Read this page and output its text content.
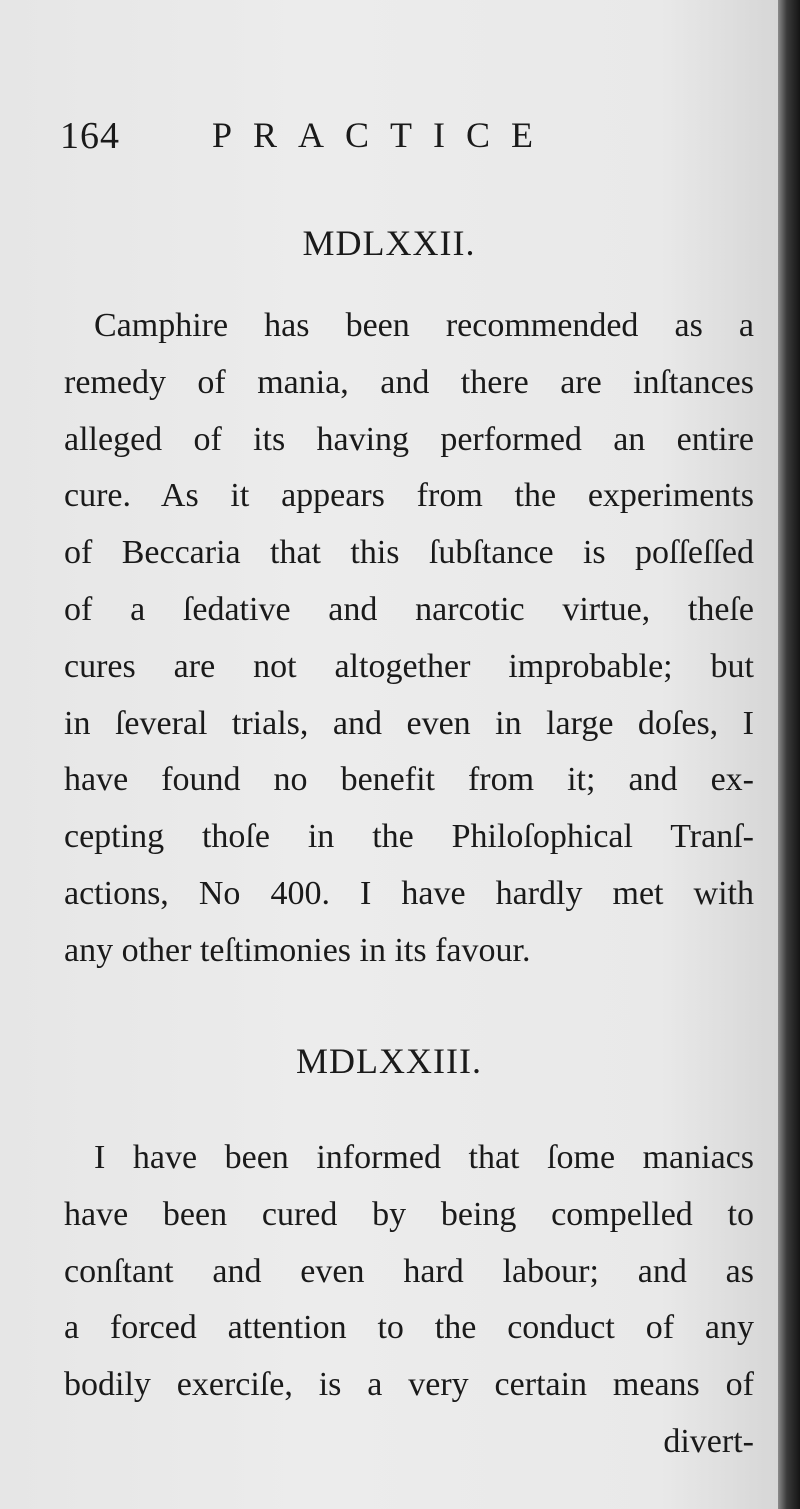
164	PRACTICE
MDLXXII.
Camphire has been recommended as a
remedy of mania, and there are inſtances
alleged of its having performed an entire
cure. As it appears from the experiments
of Beccaria that this ſubſtance is poſſeſſed
of a ſedative and narcotic virtue, theſe
cures are not altogether improbable; but
in ſeveral trials, and even in large doſes, I
have found no benefit from it; and ex-
cepting thoſe in the Philoſophical Tranſ-
actions, No 400. I have hardly met with
any other teſtimonies in its favour.
MDLXXIII.
I have been informed that ſome maniacs
have been cured by being compelled to
conſtant and even hard labour; and as
a forced attention to the conduct of any
bodily exerciſe, is a very certain means of
divert-
